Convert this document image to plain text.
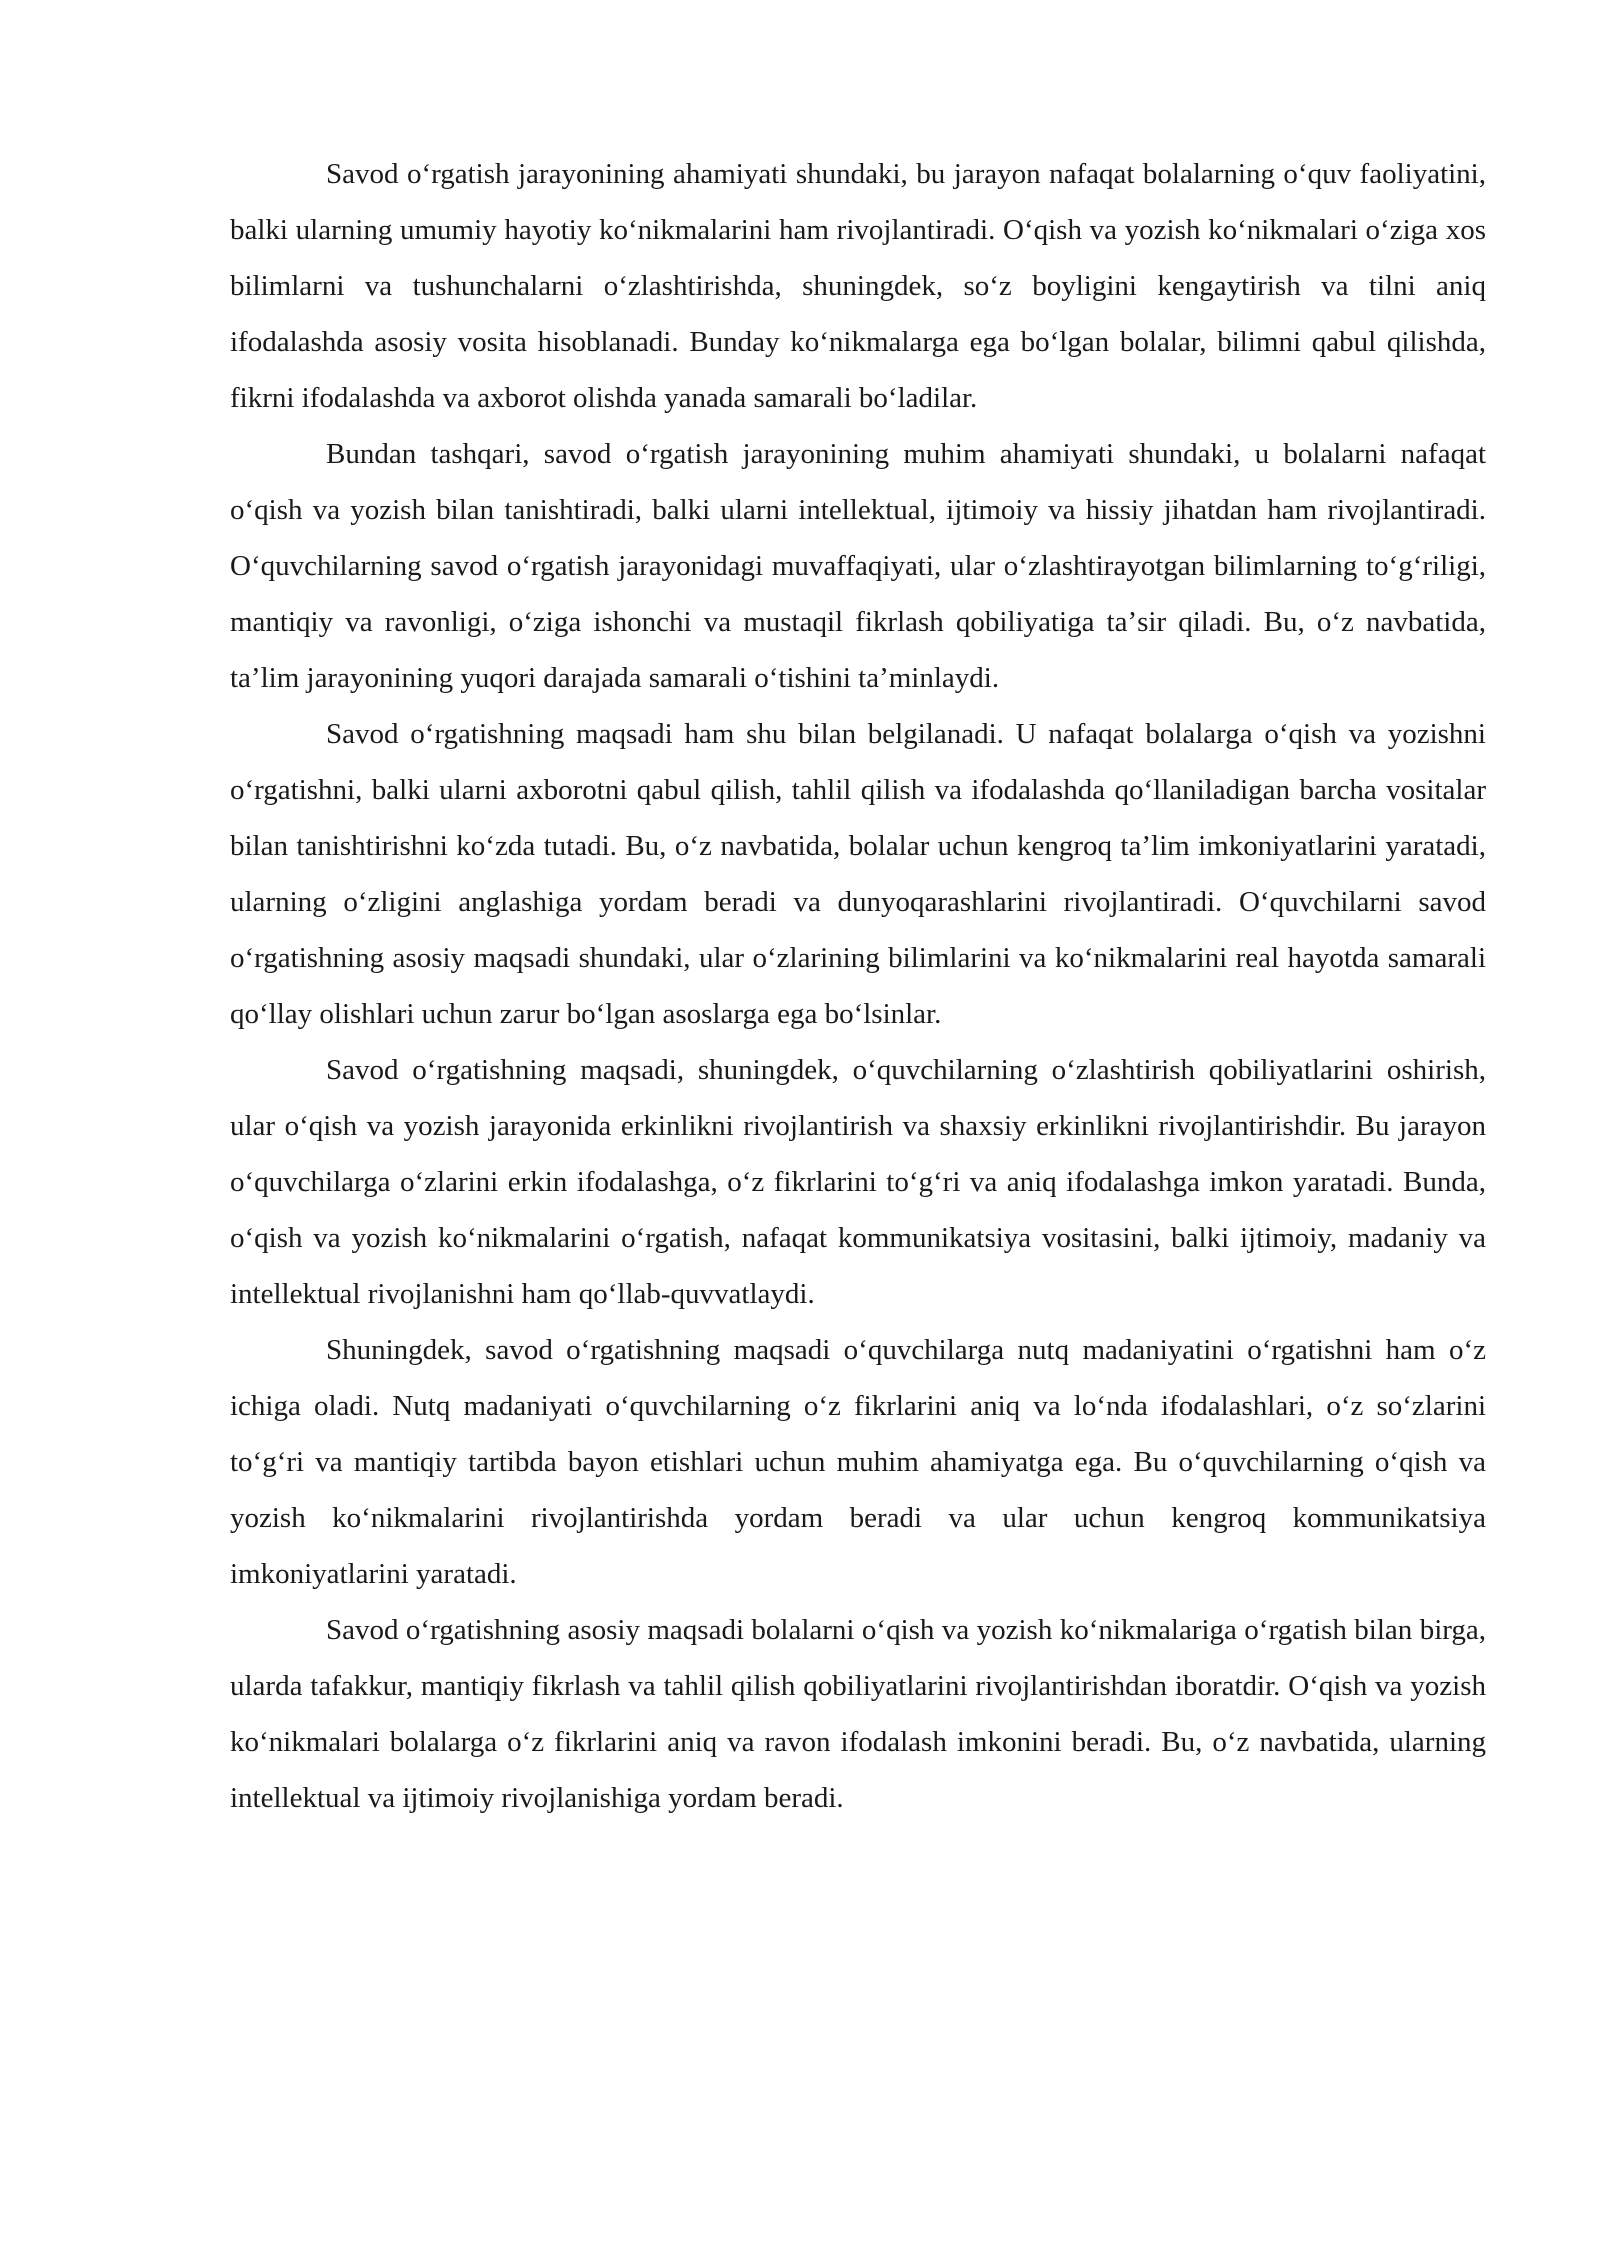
Savod oʻrgatish jarayonining ahamiyati shundaki, bu jarayon nafaqat bolalarning oʻquv faoliyatini, balki ularning umumiy hayotiy koʻnikmalarini ham rivojlantiradi. Oʻqish va yozish koʻnikmalari oʻziga xos bilimlarni va tushunchalarni oʻzlashtirishda, shuningdek, soʻz boyligini kengaytirish va tilni aniq ifodalashda asosiy vosita hisoblanadi. Bunday koʻnikmalarga ega boʻlgan bolalar, bilimni qabul qilishda, fikrni ifodalashda va axborot olishda yanada samarali boʻladilar.

Bundan tashqari, savod oʻrgatish jarayonining muhim ahamiyati shundaki, u bolalarni nafaqat oʻqish va yozish bilan tanishtiradi, balki ularni intellektual, ijtimoiy va hissiy jihatdan ham rivojlantiradi. Oʻquvchilarning savod oʻrgatish jarayonidagi muvaffaqiyati, ular oʻzlashtirayotgan bilimlarning toʻgʻriligi, mantiqiy va ravonligi, oʻziga ishonchi va mustaqil fikrlash qobiliyatiga taʼsir qiladi. Bu, oʻz navbatida, taʼlim jarayonining yuqori darajada samarali oʻtishini taʼminlaydi.

Savod oʻrgatishning maqsadi ham shu bilan belgilanadi. U nafaqat bolalarga oʻqish va yozishni oʻrgatishni, balki ularni axborotni qabul qilish, tahlil qilish va ifodalashda qoʻllaniladigan barcha vositalar bilan tanishtirishni koʻzda tutadi. Bu, oʻz navbatida, bolalar uchun kengroq taʼlim imkoniyatlarini yaratadi, ularning oʻzligini anglashiga yordam beradi va dunyoqarashlarini rivojlantiradi. Oʻquvchilarni savod oʻrgatishning asosiy maqsadi shundaki, ular oʻzlarining bilimlarini va koʻnikmalarini real hayotda samarali qoʻllay olishlari uchun zarur boʻlgan asoslarga ega boʻlsinlar.

Savod oʻrgatishning maqsadi, shuningdek, oʻquvchilarning oʻzlashtirish qobiliyatlarini oshirish, ular oʻqish va yozish jarayonida erkinlikni rivojlantirish va shaxsiy erkinlikni rivojlantirishdir. Bu jarayon oʻquvchilarga oʻzlarini erkin ifodalashga, oʻz fikrlarini toʻgʻri va aniq ifodalashga imkon yaratadi. Bunda, oʻqish va yozish koʻnikmalarini oʻrgatish, nafaqat kommunikatsiya vositasini, balki ijtimoiy, madaniy va intellektual rivojlanishni ham qoʻllab-quvvatlaydi.

Shuningdek, savod oʻrgatishning maqsadi oʻquvchilarga nutq madaniyatini oʻrgatishni ham oʻz ichiga oladi. Nutq madaniyati oʻquvchilarning oʻz fikrlarini aniq va loʻnda ifodalashlari, oʻz soʻzlarini toʻgʻri va mantiqiy tartibda bayon etishlari uchun muhim ahamiyatga ega. Bu oʻquvchilarning oʻqish va yozish koʻnikmalarini rivojlantirishda yordam beradi va ular uchun kengroq kommunikatsiya imkoniyatlarini yaratadi.

Savod oʻrgatishning asosiy maqsadi bolalarni oʻqish va yozish koʻnikmalariga oʻrgatish bilan birga, ularda tafakkur, mantiqiy fikrlash va tahlil qilish qobiliyatlarini rivojlantirishdan iboratdir. Oʻqish va yozish koʻnikmalari bolalarga oʻz fikrlarini aniq va ravon ifodalash imkonini beradi. Bu, oʻz navbatida, ularning intellektual va ijtimoiy rivojlanishiga yordam beradi.
